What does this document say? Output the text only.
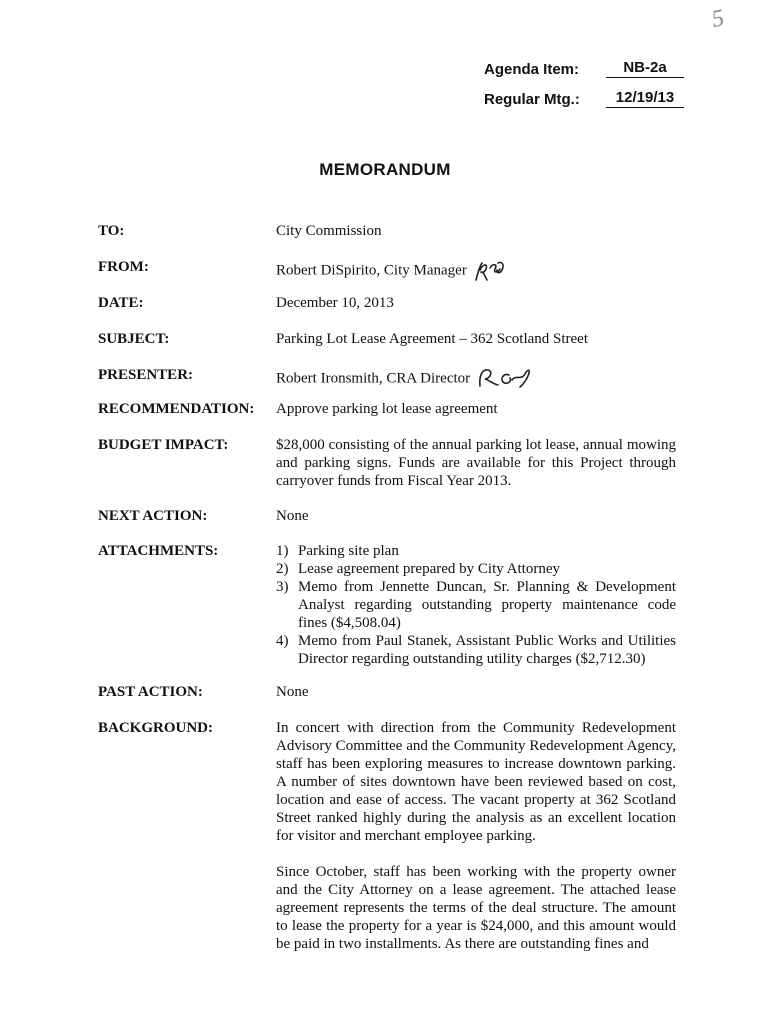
5
Agenda Item:	NB-2a
Regular Mtg.:	12/19/13
MEMORANDUM
TO:	City Commission
FROM:	Robert DiSpirito, City Manager
DATE:	December 10, 2013
SUBJECT:	Parking Lot Lease Agreement – 362 Scotland Street
PRESENTER:	Robert Ironsmith, CRA Director
RECOMMENDATION:	Approve parking lot lease agreement
BUDGET IMPACT:	$28,000 consisting of the annual parking lot lease, annual mowing and parking signs. Funds are available for this Project through carryover funds from Fiscal Year 2013.
NEXT ACTION:	None
ATTACHMENTS:	1) Parking site plan
2) Lease agreement prepared by City Attorney
3) Memo from Jennette Duncan, Sr. Planning & Development Analyst regarding outstanding property maintenance code fines ($4,508.04)
4) Memo from Paul Stanek, Assistant Public Works and Utilities Director regarding outstanding utility charges ($2,712.30)
PAST ACTION:	None
BACKGROUND:	In concert with direction from the Community Redevelopment Advisory Committee and the Community Redevelopment Agency, staff has been exploring measures to increase downtown parking. A number of sites downtown have been reviewed based on cost, location and ease of access. The vacant property at 362 Scotland Street ranked highly during the analysis as an excellent location for visitor and merchant employee parking.

Since October, staff has been working with the property owner and the City Attorney on a lease agreement. The attached lease agreement represents the terms of the deal structure. The amount to lease the property for a year is $24,000, and this amount would be paid in two installments. As there are outstanding fines and
